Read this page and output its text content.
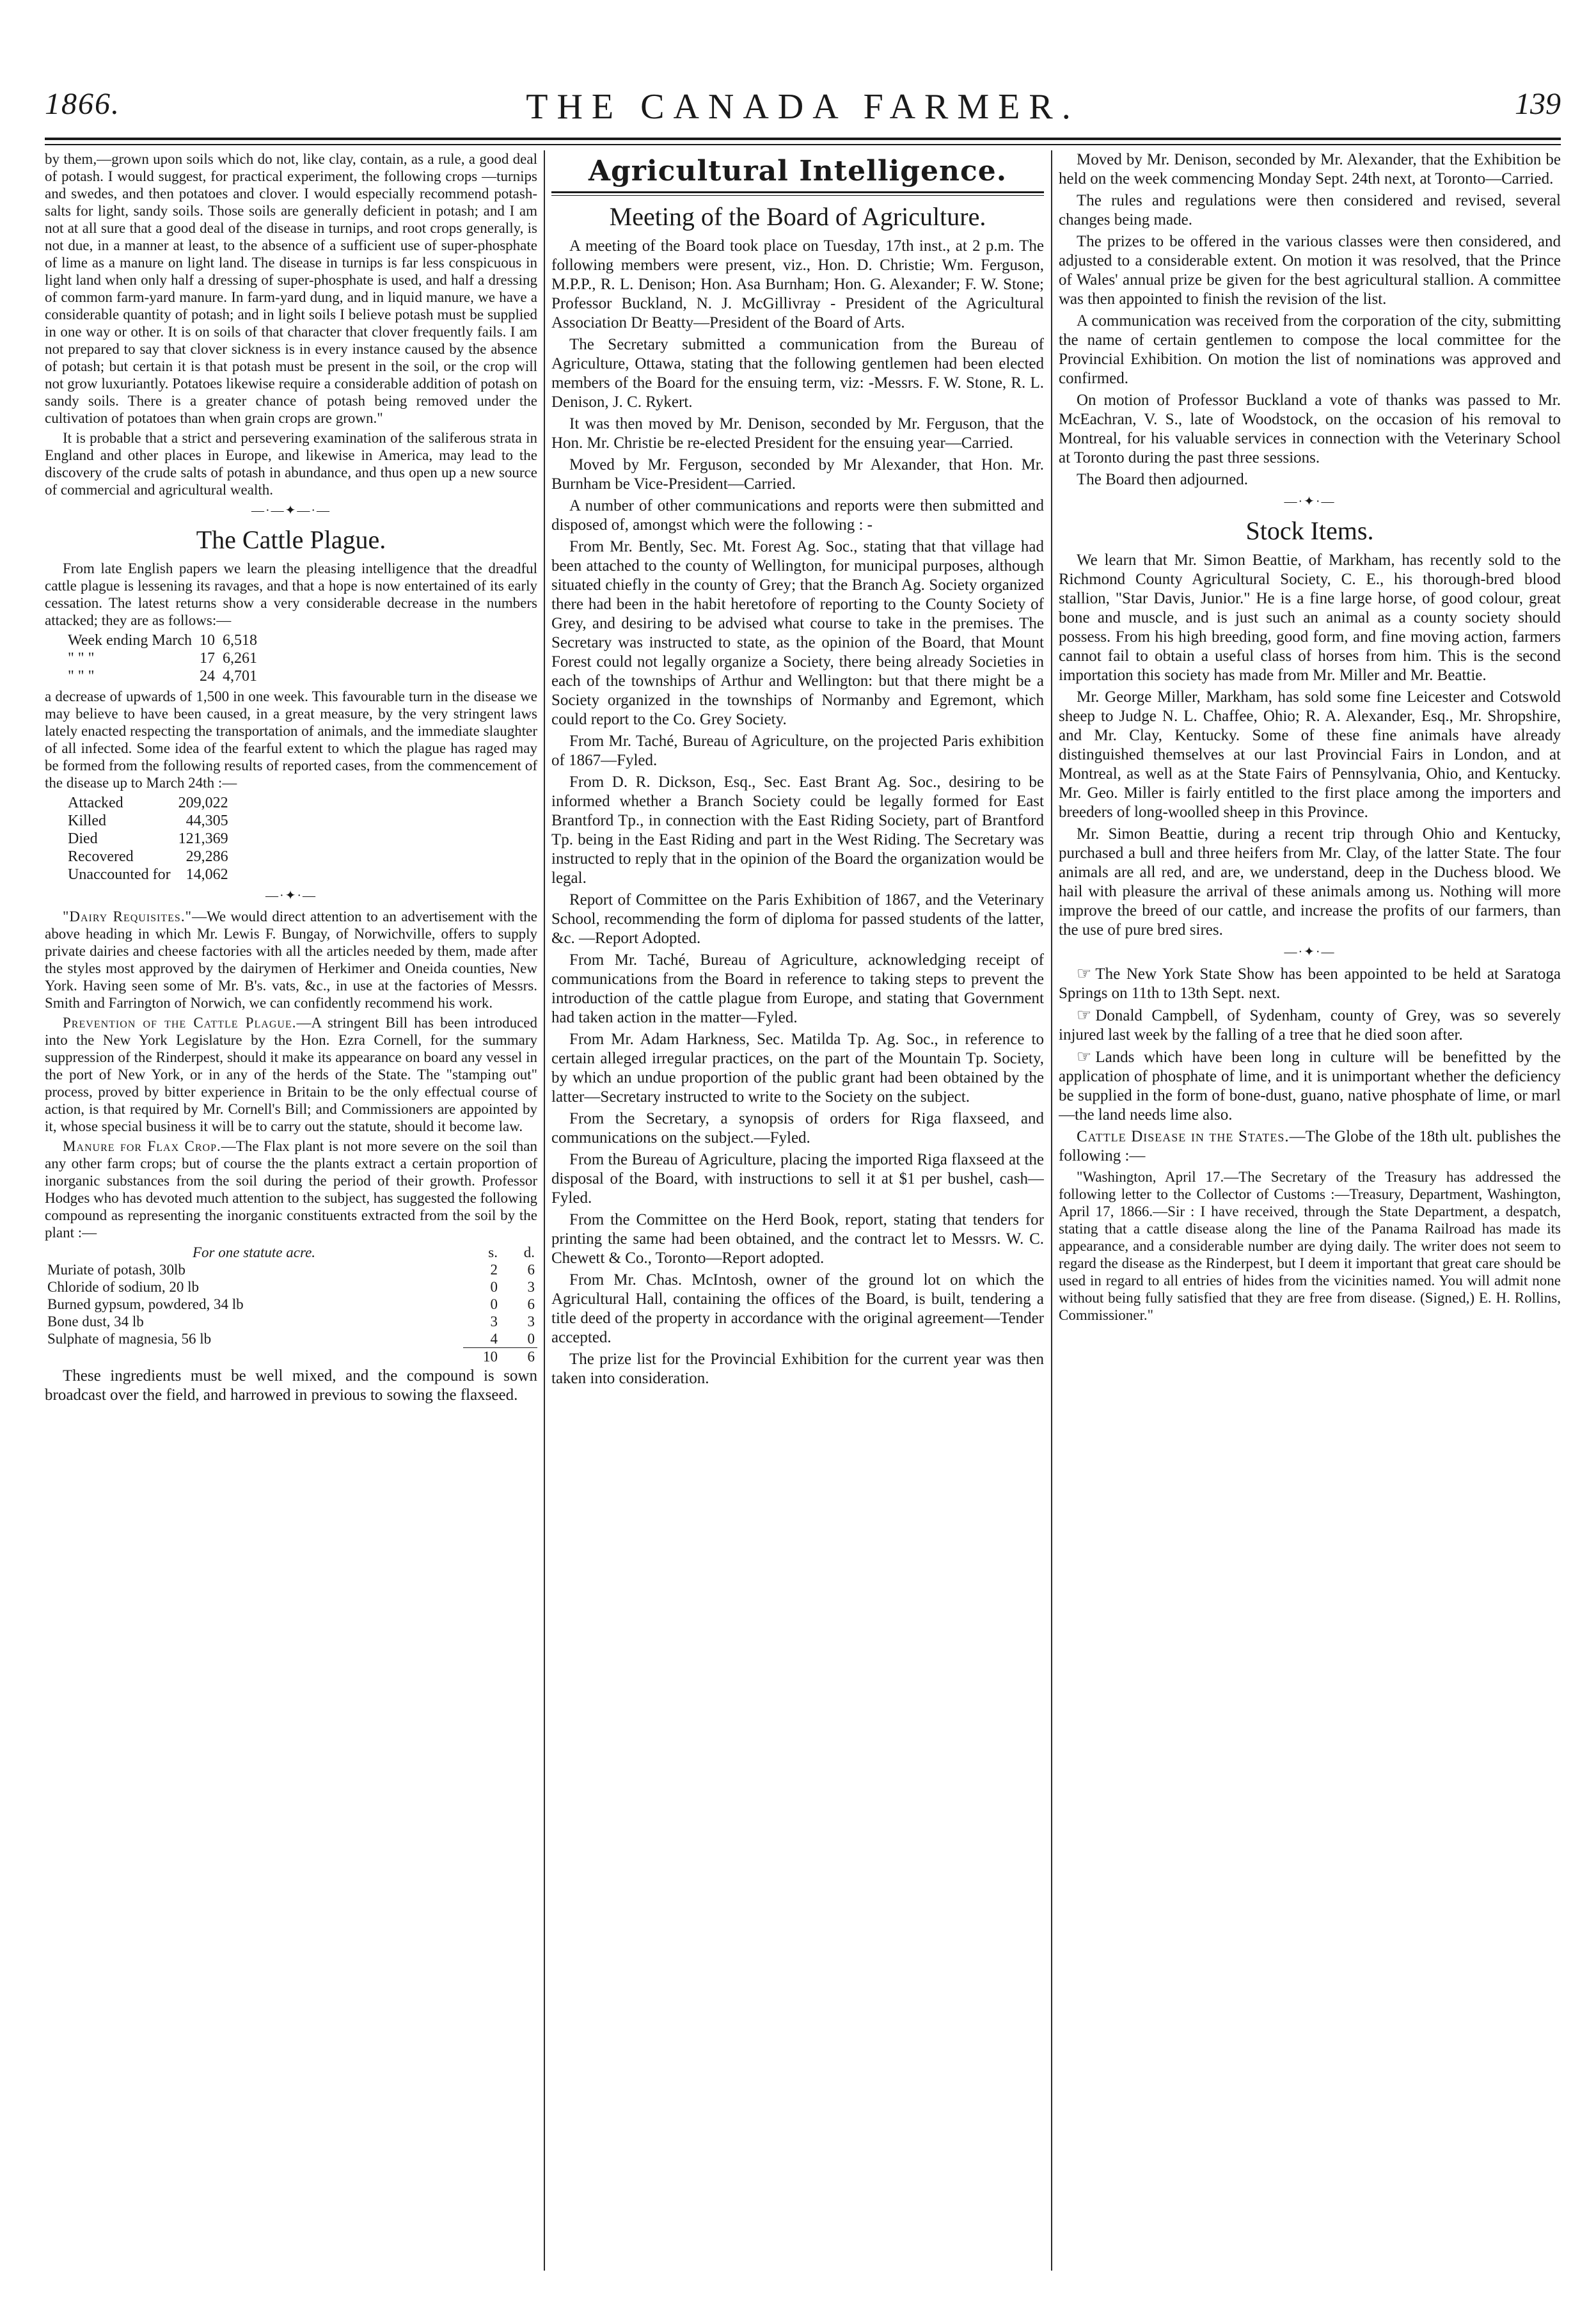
1866.	THE CANADA FARMER.	139

by them,—grown upon soils which do not, like clay, contain, as a rule, a good deal of potash. I would suggest, for practical experiment, the following crops —turnips and swedes, and then potatoes and clover. I would especially recommend potash-salts for light, sandy soils. Those soils are generally deficient in potash; and I am not at all sure that a good deal of the disease in turnips, and root crops generally, is not due, in a manner at least, to the absence of a sufficient use of super-phosphate of lime as a manure on light land. The disease in turnips is far less conspicuous in light land when only half a dressing of super-phosphate is used, and half a dressing of common farm-yard manure. In farm-yard dung, and in liquid manure, we have a considerable quantity of potash; and in light soils I believe potash must be supplied in one way or other. It is on soils of that character that clover frequently fails. I am not prepared to say that clover sickness is in every instance caused by the absence of potash; but certain it is that potash must be present in the soil, or the crop will not grow luxuriantly. Potatoes likewise require a considerable addition of potash on sandy soils. There is a greater chance of potash being removed under the cultivation of potatoes than when grain crops are grown."

It is probable that a strict and persevering examination of the saliferous strata in England and other places in Europe, and likewise in America, may lead to the discovery of the crude salts of potash in abundance, and thus open up a new source of commercial and agricultural wealth.

—·—✦—·—
The Cattle Plague.

From late English papers we learn the pleasing intelligence that the dreadful cattle plague is lessening its ravages, and that a hope is now entertained of its early cessation. The latest returns show a very considerable decrease in the numbers attacked; they are as follows:—

Week ending March	10	6,518
" " "	17	6,261
" " "	24	4,701

a decrease of upwards of 1,500 in one week. This favourable turn in the disease we may believe to have been caused, in a great measure, by the very stringent laws lately enacted respecting the transportation of animals, and the immediate slaughter of all infected. Some idea of the fearful extent to which the plague has raged may be formed from the following results of reported cases, from the commencement of the disease up to March 24th :—

Attacked	209,022
Killed	44,305
Died	121,369
Recovered	29,286
Unaccounted for	14,062
—·✦·—

"Dairy Requisites."—We would direct attention to an advertisement with the above heading in which Mr. Lewis F. Bungay, of Norwichville, offers to supply private dairies and cheese factories with all the articles needed by them, made after the styles most approved by the dairymen of Herkimer and Oneida counties, New York. Having seen some of Mr. B's. vats, &c., in use at the factories of Messrs. Smith and Farrington of Norwich, we can confidently recommend his work.

Prevention of the Cattle Plague.—A stringent Bill has been introduced into the New York Legislature by the Hon. Ezra Cornell, for the summary suppression of the Rinderpest, should it make its appearance on board any vessel in the port of New York, or in any of the herds of the State. The "stamping out" process, proved by bitter experience in Britain to be the only effectual course of action, is that required by Mr. Cornell's Bill; and Commissioners are appointed by it, whose special business it will be to carry out the statute, should it become law.

Manure for Flax Crop.—The Flax plant is not more severe on the soil than any other farm crops; but of course the the plants extract a certain proportion of inorganic substances from the soil during the period of their growth. Professor Hodges who has devoted much attention to the subject, has suggested the following compound as representing the inorganic constituents extracted from the soil by the plant :—

For one statute acre.	s.	d.
Muriate of potash, 30lb	2	6
Chloride of sodium, 20 lb	0	3
Burned gypsum, powdered, 34 lb	0	6
Bone dust, 34 lb	3	3
Sulphate of magnesia, 56 lb	4	0
	10	6

These ingredients must be well mixed, and the compound is sown broadcast over the field, and harrowed in previous to sowing the flaxseed.

Agricultural Intelligence.
Meeting of the Board of Agriculture.

A meeting of the Board took place on Tuesday, 17th inst., at 2 p.m. The following members were present, viz., Hon. D. Christie; Wm. Ferguson, M.P.P., R. L. Denison; Hon. Asa Burnham; Hon. G. Alexander; F. W. Stone; Professor Buckland, N. J. McGillivray - President of the Agricultural Association Dr Beatty—President of the Board of Arts.

The Secretary submitted a communication from the Bureau of Agriculture, Ottawa, stating that the following gentlemen had been elected members of the Board for the ensuing term, viz: -Messrs. F. W. Stone, R. L. Denison, J. C. Rykert.

It was then moved by Mr. Denison, seconded by Mr. Ferguson, that the Hon. Mr. Christie be re-elected President for the ensuing year—Carried.

Moved by Mr. Ferguson, seconded by Mr Alexander, that Hon. Mr. Burnham be Vice-President—Carried.

A number of other communications and reports were then submitted and disposed of, amongst which were the following : -

From Mr. Bently, Sec. Mt. Forest Ag. Soc., stating that that village had been attached to the county of Wellington, for municipal purposes, although situated chiefly in the county of Grey; that the Branch Ag. Society organized there had been in the habit heretofore of reporting to the County Society of Grey, and desiring to be advised what course to take in the premises. The Secretary was instructed to state, as the opinion of the Board, that Mount Forest could not legally organize a Society, there being already Societies in each of the townships of Arthur and Wellington: but that there might be a Society organized in the townships of Normanby and Egremont, which could report to the Co. Grey Society.

From Mr. Taché, Bureau of Agriculture, on the projected Paris exhibition of 1867—Fyled.

From D. R. Dickson, Esq., Sec. East Brant Ag. Soc., desiring to be informed whether a Branch Society could be legally formed for East Brantford Tp., in connection with the East Riding Society, part of Brantford Tp. being in the East Riding and part in the West Riding. The Secretary was instructed to reply that in the opinion of the Board the organization would be legal.

Report of Committee on the Paris Exhibition of 1867, and the Veterinary School, recommending the form of diploma for passed students of the latter, &c. —Report Adopted.

From Mr. Taché, Bureau of Agriculture, acknowledging receipt of communications from the Board in reference to taking steps to prevent the introduction of the cattle plague from Europe, and stating that Government had taken action in the matter—Fyled.

From Mr. Adam Harkness, Sec. Matilda Tp. Ag. Soc., in reference to certain alleged irregular practices, on the part of the Mountain Tp. Society, by which an undue proportion of the public grant had been obtained by the latter—Secretary instructed to write to the Society on the subject.

From the Secretary, a synopsis of orders for Riga flaxseed, and communications on the subject.—Fyled.

From the Bureau of Agriculture, placing the imported Riga flaxseed at the disposal of the Board, with instructions to sell it at $1 per bushel, cash—Fyled.

From the Committee on the Herd Book, report, stating that tenders for printing the same had been obtained, and the contract let to Messrs. W. C. Chewett & Co., Toronto—Report adopted.

From Mr. Chas. McIntosh, owner of the ground lot on which the Agricultural Hall, containing the offices of the Board, is built, tendering a title deed of the property in accordance with the original agreement—Tender accepted.

The prize list for the Provincial Exhibition for the current year was then taken into consideration.

Moved by Mr. Denison, seconded by Mr. Alexander, that the Exhibition be held on the week commencing Monday Sept. 24th next, at Toronto—Carried.

The rules and regulations were then considered and revised, several changes being made.

The prizes to be offered in the various classes were then considered, and adjusted to a considerable extent. On motion it was resolved, that the Prince of Wales' annual prize be given for the best agricultural stallion. A committee was then appointed to finish the revision of the list.

A communication was received from the corporation of the city, submitting the name of certain gentlemen to compose the local committee for the Provincial Exhibition. On motion the list of nominations was approved and confirmed.

On motion of Professor Buckland a vote of thanks was passed to Mr. McEachran, V. S., late of Woodstock, on the occasion of his removal to Montreal, for his valuable services in connection with the Veterinary School at Toronto during the past three sessions.

The Board then adjourned.

—·✦·—
Stock Items.

We learn that Mr. Simon Beattie, of Markham, has recently sold to the Richmond County Agricultural Society, C. E., his thorough-bred blood stallion, "Star Davis, Junior." He is a fine large horse, of good colour, great bone and muscle, and is just such an animal as a county society should possess. From his high breeding, good form, and fine moving action, farmers cannot fail to obtain a useful class of horses from him. This is the second importation this society has made from Mr. Miller and Mr. Beattie.

Mr. George Miller, Markham, has sold some fine Leicester and Cotswold sheep to Judge N. L. Chaffee, Ohio; R. A. Alexander, Esq., Mr. Shropshire, and Mr. Clay, Kentucky. Some of these fine animals have already distinguished themselves at our last Provincial Fairs in London, and at Montreal, as well as at the State Fairs of Pennsylvania, Ohio, and Kentucky. Mr. Geo. Miller is fairly entitled to the first place among the importers and breeders of long-woolled sheep in this Province.

Mr. Simon Beattie, during a recent trip through Ohio and Kentucky, purchased a bull and three heifers from Mr. Clay, of the latter State. The four animals are all red, and are, we understand, deep in the Duchess blood. We hail with pleasure the arrival of these animals among us. Nothing will more improve the breed of our cattle, and increase the profits of our farmers, than the use of pure bred sires.

—·✦·—

☞ The New York State Show has been appointed to be held at Saratoga Springs on 11th to 13th Sept. next.

☞ Donald Campbell, of Sydenham, county of Grey, was so severely injured last week by the falling of a tree that he died soon after.

☞ Lands which have been long in culture will be benefitted by the application of phosphate of lime, and it is unimportant whether the deficiency be supplied in the form of bone-dust, guano, native phosphate of lime, or marl—the land needs lime also.

Cattle Disease in the States.—The Globe of the 18th ult. publishes the following :—

"Washington, April 17.—The Secretary of the Treasury has addressed the following letter to the Collector of Customs :—Treasury, Department, Washington, April 17, 1866.—Sir : I have received, through the State Department, a despatch, stating that a cattle disease along the line of the Panama Railroad has made its appearance, and a considerable number are dying daily. The writer does not seem to regard the disease as the Rinderpest, but I deem it important that great care should be used in regard to all entries of hides from the vicinities named. You will admit none without being fully satisfied that they are free from disease. (Signed,) E. H. Rollins, Commissioner."
